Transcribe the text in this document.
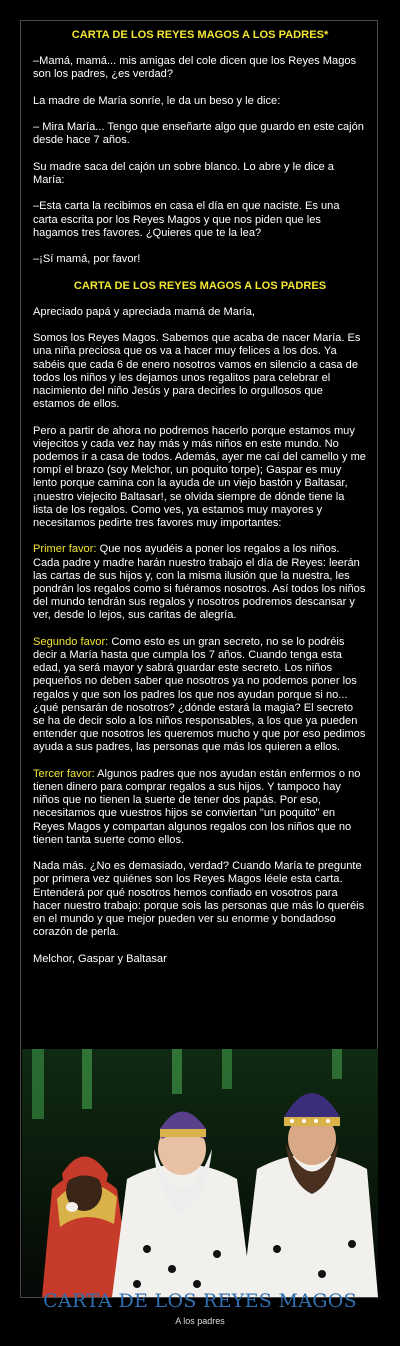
CARTA DE LOS REYES MAGOS A LOS PADRES*
–Mamá, mamá... mis amigas del cole dicen que los Reyes Magos son los padres, ¿es verdad?
La madre de María sonríe, le da un beso y le dice:
– Mira María... Tengo que enseñarte algo que guardo en este cajón desde hace 7 años.
Su madre saca del cajón un sobre blanco. Lo abre y le dice a María:
–Esta carta la recibimos en casa el día en que naciste. Es una carta escrita por los Reyes Magos y que nos piden que les hagamos tres favores. ¿Quieres que te la lea?
–¡Sí mamá, por favor!
CARTA DE LOS REYES MAGOS A LOS PADRES
Apreciado papá y apreciada mamá de María,
Somos los Reyes Magos. Sabemos que acaba de nacer María. Es una niña preciosa que os va a hacer muy felices a los dos. Ya sabéis que cada 6 de enero nosotros vamos en silencio a casa de todos los niños y les dejamos unos regalitos para celebrar el nacimiento del niño Jesús y para decirles lo orgullosos que estamos de ellos.
Pero a partir de ahora no podremos hacerlo porque estamos muy viejecitos y cada vez hay más y más niños en este mundo. No podemos ir a casa de todos. Además, ayer me caí del camello y me rompí el brazo (soy Melchor, un poquito torpe); Gaspar es muy lento porque camina con la ayuda de un viejo bastón y Baltasar, ¡nuestro viejecito Baltasar!, se olvida siempre de dónde tiene la lista de los regalos. Como ves, ya estamos muy mayores y necesitamos pedirte tres favores muy importantes:
Primer favor: Que nos ayudéis a poner los regalos a los niños. Cada padre y madre harán nuestro trabajo el día de Reyes: leerán las cartas de sus hijos y, con la misma ilusión que la nuestra, les pondrán los regalos como si fuéramos nosotros. Así todos los niños del mundo tendrán sus regalos y nosotros podremos descansar y ver, desde lo lejos, sus caritas de alegría.
Segundo favor: Como esto es un gran secreto, no se lo podréis decir a María hasta que cumpla los 7 años. Cuando tenga esta edad, ya será mayor y sabrá guardar este secreto. Los niños pequeños no deben saber que nosotros ya no podemos poner los regalos y que son los padres los que nos ayudan porque si no... ¿qué pensarán de nosotros? ¿dónde estará la magia? El secreto se ha de decir solo a los niños responsables, a los que ya pueden entender que nosotros les queremos mucho y que por eso pedimos ayuda a sus padres, las personas que más los quieren a ellos.
Tercer favor: Algunos padres que nos ayudan están enfermos o no tienen dinero para comprar regalos a sus hijos. Y tampoco hay niños que no tienen la suerte de tener dos papás. Por eso, necesitamos que vuestros hijos se conviertan "un poquito" en Reyes Magos y compartan algunos regalos con los niños que no tienen tanta suerte como ellos.
Nada más. ¿No es demasiado, verdad? Cuando María te pregunte por primera vez quiénes son los Reyes Magos léele esta carta. Entenderá por qué nosotros hemos confiado en vosotros para hacer nuestro trabajo: porque sois las personas que más lo queréis en el mundo y que mejor pueden ver su enorme y bondadoso corazón de perla.
Melchor, Gaspar y Baltasar
CARTA DE LOS REYES MAGOS
A los padres
